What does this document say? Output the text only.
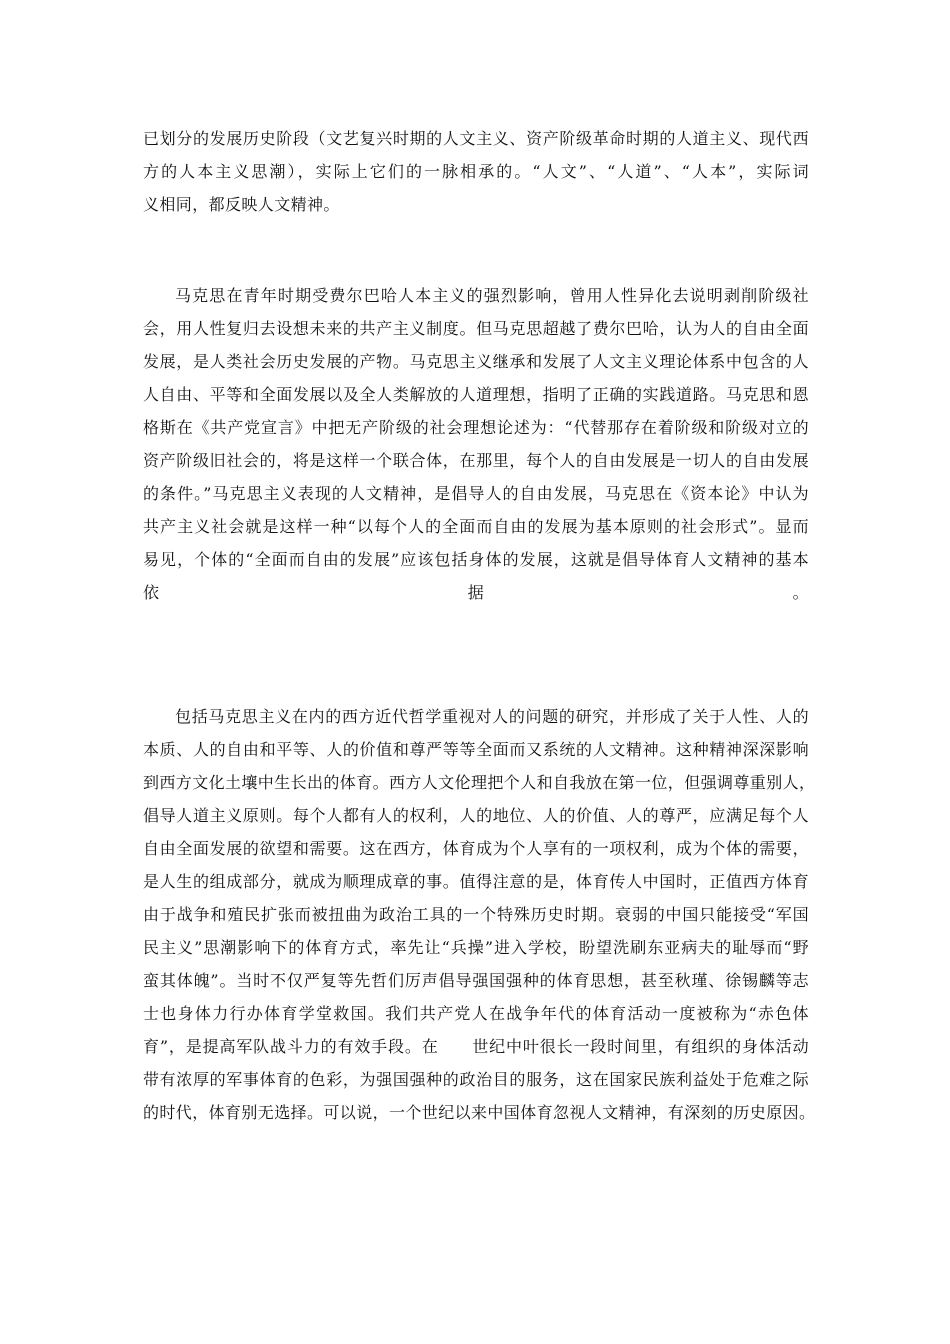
已划分的发展历史阶段（文艺复兴时期的人文主义、资产阶级革命时期的人道主义、现代西
方的人本主义思潮），实际上它们的一脉相承的。“人文”、“人道”、“人本”，实际词
义相同，都反映人文精神。
马克思在青年时期受费尔巴哈人本主义的强烈影响，曾用人性异化去说明剥削阶级社
会，用人性复归去设想未来的共产主义制度。但马克思超越了费尔巴哈，认为人的自由全面
发展，是人类社会历史发展的产物。马克思主义继承和发展了人文主义理论体系中包含的人
人自由、平等和全面发展以及全人类解放的人道理想，指明了正确的实践道路。马克思和恩
格斯在《共产党宣言》中把无产阶级的社会理想论述为：“代替那存在着阶级和阶级对立的
资产阶级旧社会的，将是这样一个联合体，在那里，每个人的自由发展是一切人的自由发展
的条件。”马克思主义表现的人文精神，是倡导人的自由发展，马克思在《资本论》中认为
共产主义社会就是这样一种“以每个人的全面而自由的发展为基本原则的社会形式”。显而
易见，个体的“全面而自由的发展”应该包括身体的发展，这就是倡导体育人文精神的基本
依据。
包括马克思主义在内的西方近代哲学重视对人的问题的研究，并形成了关于人性、人的
本质、人的自由和平等、人的价值和尊严等等全面而又系统的人文精神。这种精神深深影响
到西方文化土壤中生长出的体育。西方人文伦理把个人和自我放在第一位，但强调尊重别人，
倡导人道主义原则。每个人都有人的权利，人的地位、人的价值、人的尊严，应满足每个人
自由全面发展的欲望和需要。这在西方，体育成为个人享有的一项权利，成为个体的需要，
是人生的组成部分，就成为顺理成章的事。值得注意的是，体育传人中国时，正值西方体育
由于战争和殖民扩张而被扭曲为政治工具的一个特殊历史时期。衰弱的中国只能接受“军国
民主义”思潮影响下的体育方式，率先让“兵操”进入学校，盼望洗刷东亚病夫的耻辱而“野
蛮其体魄”。当时不仅严复等先哲们厉声倡导强国强种的体育思想，甚至秋瑾、徐锡麟等志
士也身体力行办体育学堂救国。我们共产党人在战争年代的体育活动一度被称为“赤色体
育”，是提高军队战斗力的有效手段。在　　世纪中叶很长一段时间里，有组织的身体活动
带有浓厚的军事体育的色彩，为强国强种的政治目的服务，这在国家民族利益处于危难之际
的时代，体育别无选择。可以说，一个世纪以来中国体育忽视人文精神，有深刻的历史原因。
